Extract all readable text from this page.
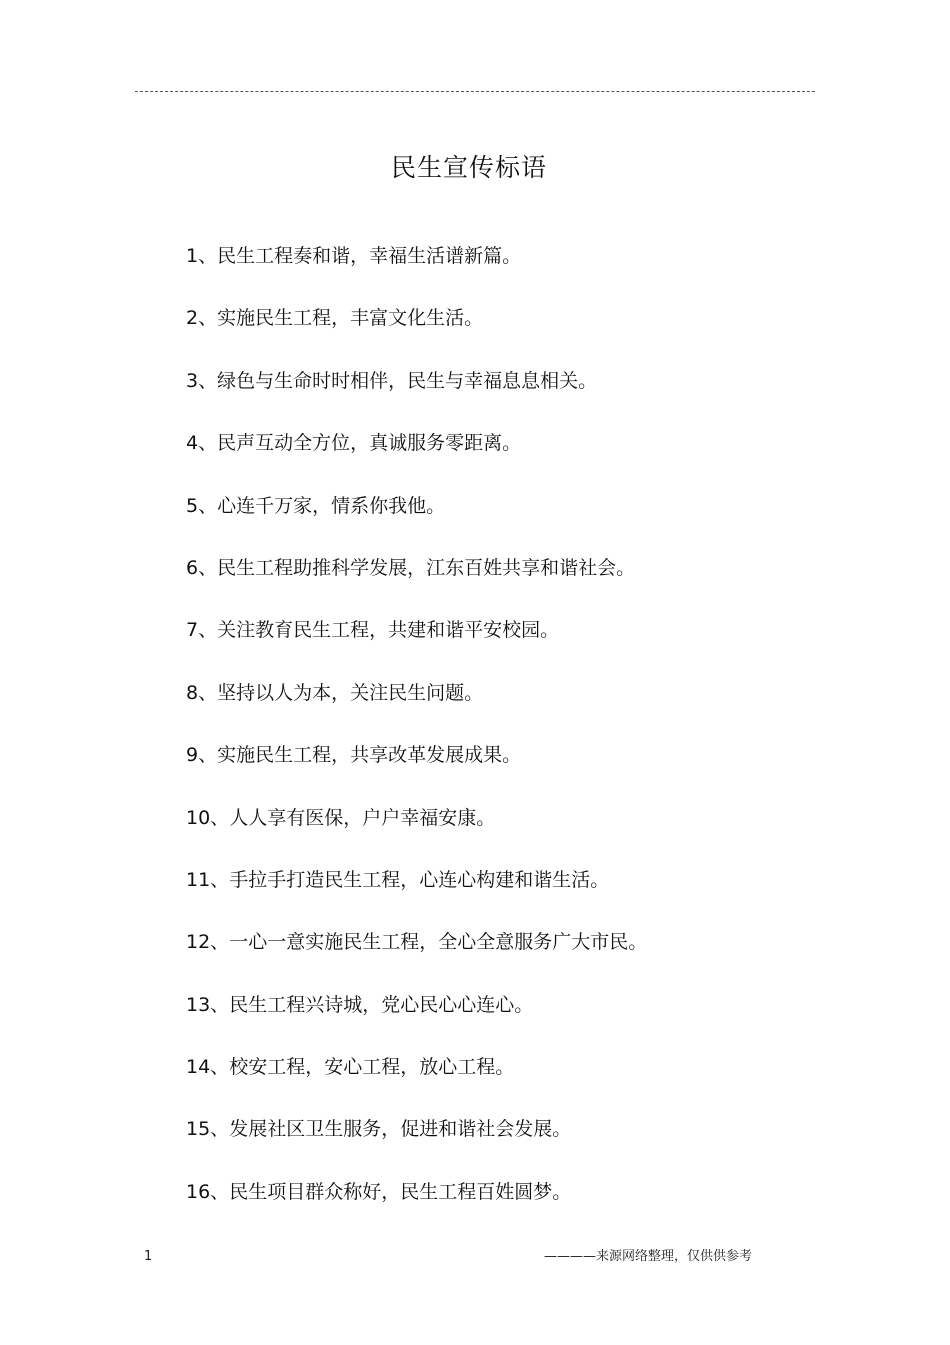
民生宣传标语
1、民生工程奏和谐，幸福生活谱新篇。
2、实施民生工程，丰富文化生活。
3、绿色与生命时时相伴，民生与幸福息息相关。
4、民声互动全方位，真诚服务零距离。
5、心连千万家，情系你我他。
6、民生工程助推科学发展，江东百姓共享和谐社会。
7、关注教育民生工程，共建和谐平安校园。
8、坚持以人为本，关注民生问题。
9、实施民生工程，共享改革发展成果。
10、人人享有医保，户户幸福安康。
11、手拉手打造民生工程，心连心构建和谐生活。
12、一心一意实施民生工程，全心全意服务广大市民。
13、民生工程兴诗城，党心民心心连心。
14、校安工程，安心工程，放心工程。
15、发展社区卫生服务，促进和谐社会发展。
16、民生项目群众称好，民生工程百姓圆梦。
1	————来源网络整理，仅供供参考
